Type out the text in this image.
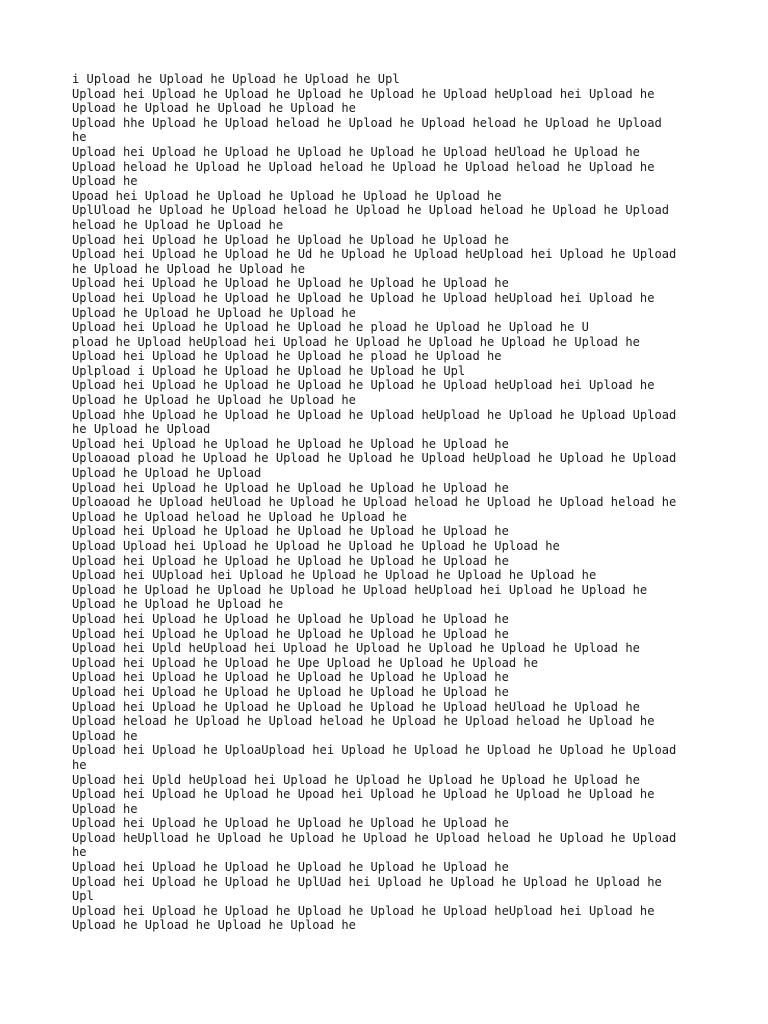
i Upload he Upload he Upload he Upload he Upl
Upload hei Upload he Upload he Upload he Upload he Upload heUpload hei Upload he
Upload he Upload he Upload he Upload he
Upload hhe Upload he Upload heload he Upload he Upload heload he Upload he Upload
he
Upload hei Upload he Upload he Upload he Upload he Upload heUload he Upload he
Upload heload he Upload he Upload heload he Upload he Upload heload he Upload he
Upload he
Upoad hei Upload he Upload he Upload he Upload he Upload he
UplUload he Upload he Upload heload he Upload he Upload heload he Upload he Upload
heload he Upload he Upload he
Upload hei Upload he Upload he Upload he Upload he Upload he
Upload hei Upload he Upload he Ud he Upload he Upload heUpload hei Upload he Upload
he Upload he Upload he Upload he
Upload hei Upload he Upload he Upload he Upload he Upload he
Upload hei Upload he Upload he Upload he Upload he Upload heUpload hei Upload he
Upload he Upload he Upload he Upload he
Upload hei Upload he Upload he Upload he pload he Upload he Upload he U
pload he Upload heUpload hei Upload he Upload he Upload he Upload he Upload he
Upload hei Upload he Upload he Upload he pload he Upload he
Uplpload i Upload he Upload he Upload he Upload he Upl
Upload hei Upload he Upload he Upload he Upload he Upload heUpload hei Upload he
Upload he Upload he Upload he Upload he
Upload hhe Upload he Upload he Upload he Upload heUpload he Upload he Upload Upload
he Upload he Upload
Upload hei Upload he Upload he Upload he Upload he Upload he
Uploaoad pload he Upload he Upload he Upload he Upload heUpload he Upload he Upload
Upload he Upload he Upload
Upload hei Upload he Upload he Upload he Upload he Upload he
Uploaoad he Upload heUload he Upload he Upload heload he Upload he Upload heload he
Upload he Upload heload he Upload he Upload he
Upload hei Upload he Upload he Upload he Upload he Upload he
Upload Upload hei Upload he Upload he Upload he Upload he Upload he
Upload hei Upload he Upload he Upload he Upload he Upload he
Upload hei UUpload hei Upload he Upload he Upload he Upload he Upload he
Upload he Upload he Upload he Upload he Upload heUpload hei Upload he Upload he
Upload he Upload he Upload he
Upload hei Upload he Upload he Upload he Upload he Upload he
Upload hei Upload he Upload he Upload he Upload he Upload he
Upload hei Upld heUpload hei Upload he Upload he Upload he Upload he Upload he
Upload hei Upload he Upload he Upe Upload he Upload he Upload he
Upload hei Upload he Upload he Upload he Upload he Upload he
Upload hei Upload he Upload he Upload he Upload he Upload he
Upload hei Upload he Upload he Upload he Upload he Upload heUload he Upload he
Upload heload he Upload he Upload heload he Upload he Upload heload he Upload he
Upload he
Upload hei Upload he UploaUpload hei Upload he Upload he Upload he Upload he Upload
he
Upload hei Upld heUpload hei Upload he Upload he Upload he Upload he Upload he
Upload hei Upload he Upload he Upoad hei Upload he Upload he Upload he Upload he
Upload he
Upload hei Upload he Upload he Upload he Upload he Upload he
Upload heUplload he Upload he Upload he Upload he Upload heload he Upload he Upload
he
Upload hei Upload he Upload he Upload he Upload he Upload he
Upload hei Upload he Upload he UplUad hei Upload he Upload he Upload he Upload he
Upl
Upload hei Upload he Upload he Upload he Upload he Upload heUpload hei Upload he
Upload he Upload he Upload he Upload he
